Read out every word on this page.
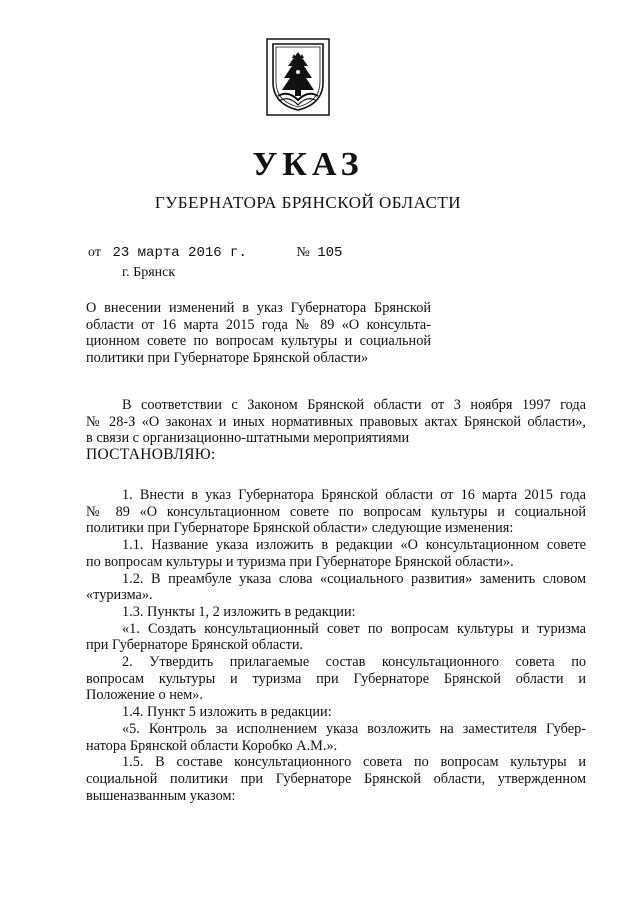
УКАЗ
ГУБЕРНАТОРА БРЯНСКОЙ ОБЛАСТИ
от 23 марта 2016 г.	№ 105
г. Брянск

О внесении изменений в указ Губернатора Брянской

области от 16 марта 2015 года № 89 «О консульта-

ционном совете по вопросам культуры и социальной

политики при Губернаторе Брянской области»

В соответствии с Законом Брянской области от 3 ноября 1997 года

№ 28-З «О законах и иных нормативных правовых актах Брянской области»,

в связи с организационно-штатными мероприятиями

ПОСТАНОВЛЯЮ:

1. Внести в указ Губернатора Брянской области от 16 марта 2015 года

№ 89 «О консультационном совете по вопросам культуры и социальной

политики при Губернаторе Брянской области» следующие изменения:

1.1. Название указа изложить в редакции «О консультационном совете

по вопросам культуры и туризма при Губернаторе Брянской области».

1.2. В преамбуле указа слова «социального развития» заменить словом

«туризма».

1.3. Пункты 1, 2 изложить в редакции:

«1. Создать консультационный совет по вопросам культуры и туризма

при Губернаторе Брянской области.

2. Утвердить прилагаемые состав консультационного совета по

вопросам культуры и туризма при Губернаторе Брянской области и

Положение о нем».

1.4. Пункт 5 изложить в редакции:

«5. Контроль за исполнением указа возложить на заместителя Губер-

натора Брянской области Коробко А.М.».

1.5. В составе консультационного совета по вопросам культуры и

социальной политики при Губернаторе Брянской области, утвержденном

вышеназванным указом:
